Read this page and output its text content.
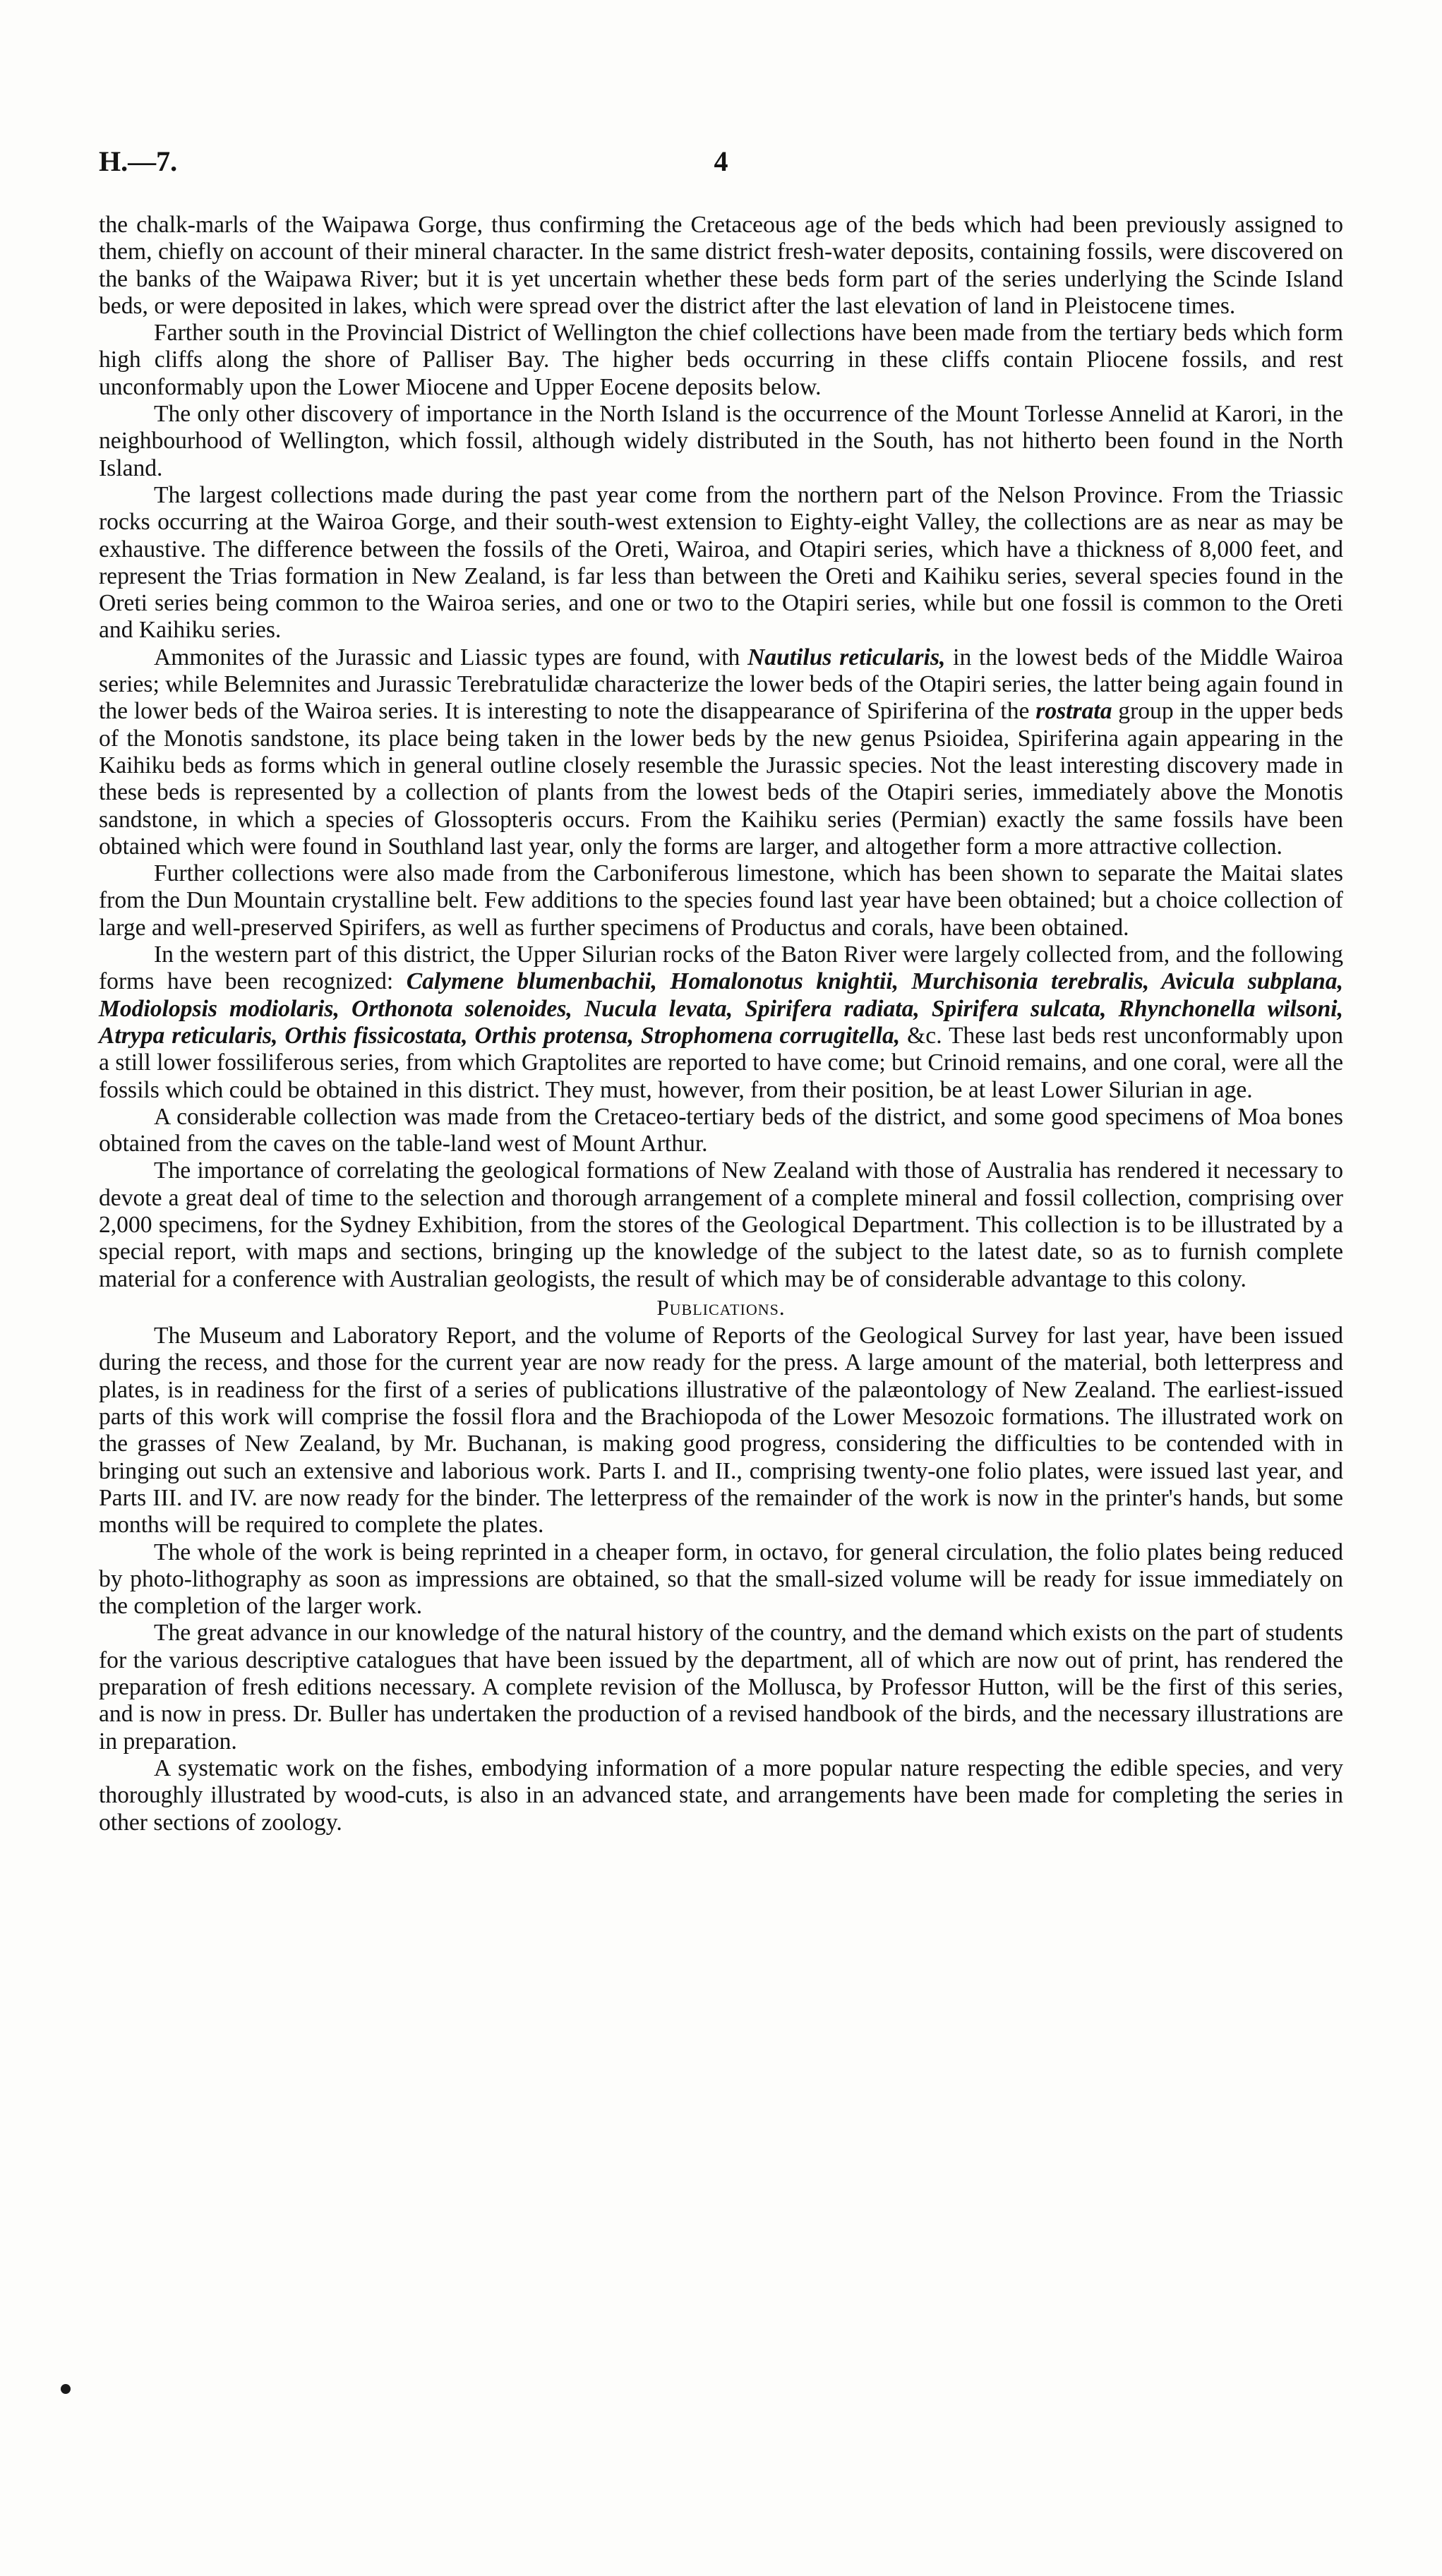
H.—7.	4

the chalk-marls of the Waipawa Gorge, thus confirming the Cretaceous age of the beds which had been previously assigned to them, chiefly on account of their mineral character. In the same district fresh-water deposits, containing fossils, were discovered on the banks of the Waipawa River; but it is yet uncertain whether these beds form part of the series underlying the Scinde Island beds, or were deposited in lakes, which were spread over the district after the last elevation of land in Pleistocene times.

Farther south in the Provincial District of Wellington the chief collections have been made from the tertiary beds which form high cliffs along the shore of Palliser Bay. The higher beds occurring in these cliffs contain Pliocene fossils, and rest unconformably upon the Lower Miocene and Upper Eocene deposits below.

The only other discovery of importance in the North Island is the occurrence of the Mount Torlesse Annelid at Karori, in the neighbourhood of Wellington, which fossil, although widely distributed in the South, has not hitherto been found in the North Island.

The largest collections made during the past year come from the northern part of the Nelson Province. From the Triassic rocks occurring at the Wairoa Gorge, and their south-west extension to Eighty-eight Valley, the collections are as near as may be exhaustive. The difference between the fossils of the Oreti, Wairoa, and Otapiri series, which have a thickness of 8,000 feet, and represent the Trias formation in New Zealand, is far less than between the Oreti and Kaihiku series, several species found in the Oreti series being common to the Wairoa series, and one or two to the Otapiri series, while but one fossil is common to the Oreti and Kaihiku series.

Ammonites of the Jurassic and Liassic types are found, with Nautilus reticularis, in the lowest beds of the Middle Wairoa series; while Belemnites and Jurassic Terebratulidæ characterize the lower beds of the Otapiri series, the latter being again found in the lower beds of the Wairoa series. It is interesting to note the disappearance of Spiriferina of the rostrata group in the upper beds of the Monotis sandstone, its place being taken in the lower beds by the new genus Psioidea, Spiriferina again appearing in the Kaihiku beds as forms which in general outline closely resemble the Jurassic species. Not the least interesting discovery made in these beds is represented by a collection of plants from the lowest beds of the Otapiri series, immediately above the Monotis sandstone, in which a species of Glossopteris occurs. From the Kaihiku series (Permian) exactly the same fossils have been obtained which were found in Southland last year, only the forms are larger, and altogether form a more attractive collection.

Further collections were also made from the Carboniferous limestone, which has been shown to separate the Maitai slates from the Dun Mountain crystalline belt. Few additions to the species found last year have been obtained; but a choice collection of large and well-preserved Spirifers, as well as further specimens of Productus and corals, have been obtained.

In the western part of this district, the Upper Silurian rocks of the Baton River were largely collected from, and the following forms have been recognized: Calymene blumenbachii, Homalonotus knightii, Murchisonia terebralis, Avicula subplana, Modiolopsis modiolaris, Orthonota solenoides, Nucula levata, Spirifera radiata, Spirifera sulcata, Rhynchonella wilsoni, Atrypa reticularis, Orthis fissicostata, Orthis protensa, Strophomena corrugitella, &c. These last beds rest unconformably upon a still lower fossiliferous series, from which Graptolites are reported to have come; but Crinoid remains, and one coral, were all the fossils which could be obtained in this district. They must, however, from their position, be at least Lower Silurian in age.

A considerable collection was made from the Cretaceo-tertiary beds of the district, and some good specimens of Moa bones obtained from the caves on the table-land west of Mount Arthur.

The importance of correlating the geological formations of New Zealand with those of Australia has rendered it necessary to devote a great deal of time to the selection and thorough arrangement of a complete mineral and fossil collection, comprising over 2,000 specimens, for the Sydney Exhibition, from the stores of the Geological Department. This collection is to be illustrated by a special report, with maps and sections, bringing up the knowledge of the subject to the latest date, so as to furnish complete material for a conference with Australian geologists, the result of which may be of considerable advantage to this colony.

Publications.

The Museum and Laboratory Report, and the volume of Reports of the Geological Survey for last year, have been issued during the recess, and those for the current year are now ready for the press. A large amount of the material, both letterpress and plates, is in readiness for the first of a series of publications illustrative of the palæontology of New Zealand. The earliest-issued parts of this work will comprise the fossil flora and the Brachiopoda of the Lower Mesozoic formations. The illustrated work on the grasses of New Zealand, by Mr. Buchanan, is making good progress, considering the difficulties to be contended with in bringing out such an extensive and laborious work. Parts I. and II., comprising twenty-one folio plates, were issued last year, and Parts III. and IV. are now ready for the binder. The letterpress of the remainder of the work is now in the printer's hands, but some months will be required to complete the plates.

The whole of the work is being reprinted in a cheaper form, in octavo, for general circulation, the folio plates being reduced by photo-lithography as soon as impressions are obtained, so that the small-sized volume will be ready for issue immediately on the completion of the larger work.

The great advance in our knowledge of the natural history of the country, and the demand which exists on the part of students for the various descriptive catalogues that have been issued by the department, all of which are now out of print, has rendered the preparation of fresh editions necessary. A complete revision of the Mollusca, by Professor Hutton, will be the first of this series, and is now in press. Dr. Buller has undertaken the production of a revised handbook of the birds, and the necessary illustrations are in preparation.

A systematic work on the fishes, embodying information of a more popular nature respecting the edible species, and very thoroughly illustrated by wood-cuts, is also in an advanced state, and arrangements have been made for completing the series in other sections of zoology.
